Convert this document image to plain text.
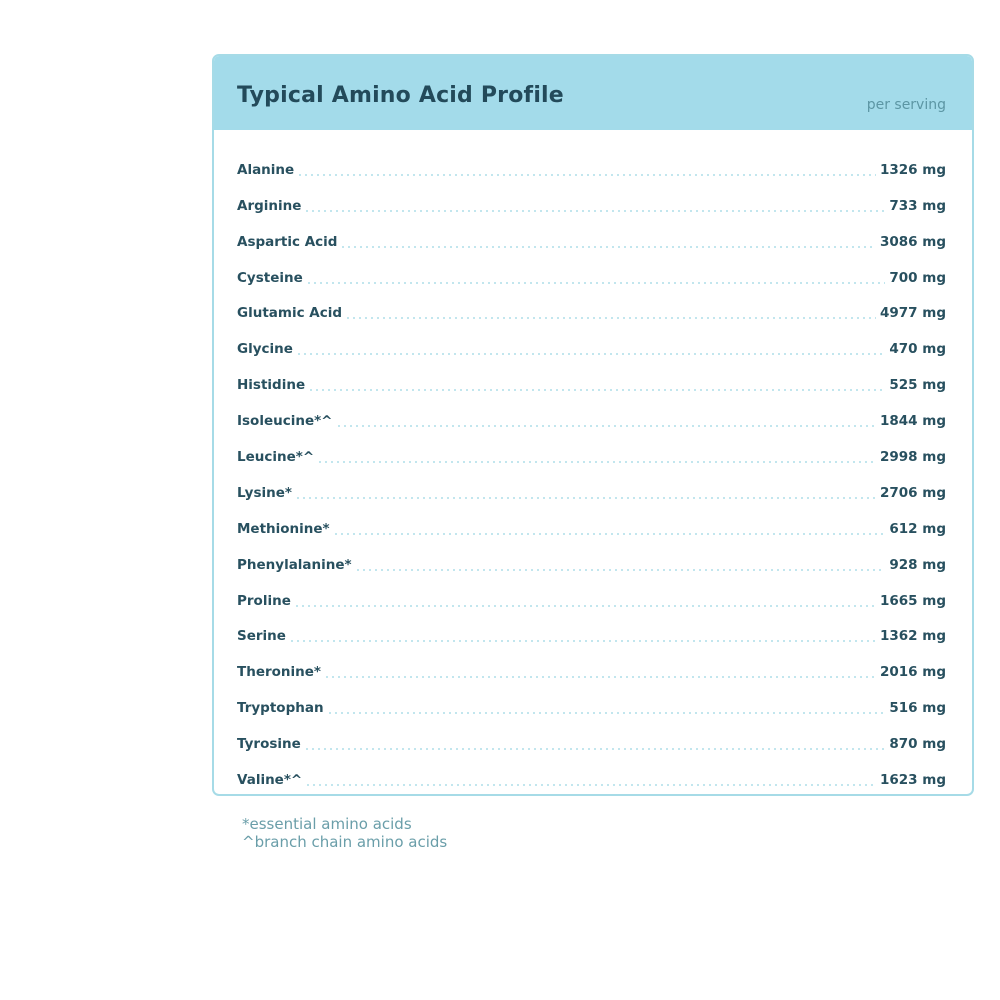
Typical Amino Acid Profile	per serving
Alanine	1326 mg
Arginine	733 mg
Aspartic Acid	3086 mg
Cysteine	700 mg
Glutamic Acid	4977 mg
Glycine	470 mg
Histidine	525 mg
Isoleucine*^	1844 mg
Leucine*^	2998 mg
Lysine*	2706 mg
Methionine*	612 mg
Phenylalanine*	928 mg
Proline	1665 mg
Serine	1362 mg
Theronine*	2016 mg
Tryptophan	516 mg
Tyrosine	870 mg
Valine*^	1623 mg
*essential amino acids
^branch chain amino acids
